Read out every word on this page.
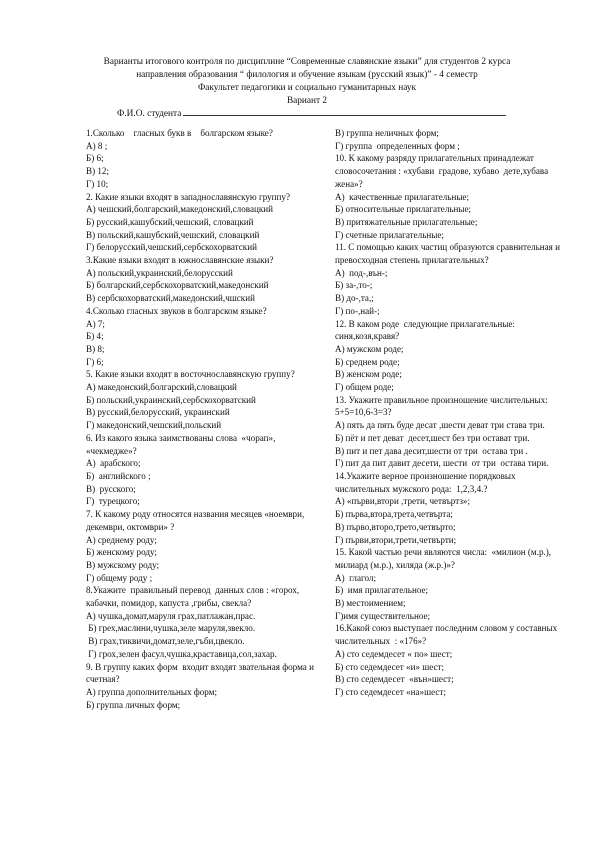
Варианты итогового контроля по дисциплине “Современные славянские языки” для студентов 2 курса
направления образования “ филология и обучение языкам (русский язык)” - 4 семестр
Факультет педагогики и социально гуманитарных наук
Вариант 2
Ф.И.О. студента
1.Сколько    гласных букв в    болгарском языке?
А) 8 ;
Б) 6;
В) 12;
Г) 10;
2. Какие языки входят в западнославянскую группу?
А) чешский,болгарский,македонский,словацкий
Б) русский,кашубский,чешский, словацкий
В) польский,кашубский,чешский, словацкий
Г) белорусский,чешский,сербскохорватский
3.Какие языки входят в южнославянские языки?
А) польский,украинский,белорусский
Б) болгарский,сербскохорватский,македонский
В) сербскохорватский,македонский,чшский
4.Сколько гласных звуков в болгарском языке?
А) 7;
Б) 4;
В) 8;
Г) 6;
5. Какие языки входят в восточнославянскую группу?
А) македонский,болгарский,словацкий
Б) польский,украинский,сербскохорватский
В) русский,белорусский, украинский
Г) македонский,чешский,польский
6. Из какого языка заимствованы слова  «чорап», «чекмедже»?
А)  арабского;
Б)  английского ;
В)  русского;
Г)  турецкого;
7. К какому роду относятся названия месяцев «ноември, декември, октомври» ?
А) среднему роду;
Б) женскому роду;
В) мужскому роду;
Г) общему роду ;
8.Укажите  правильный перевод  данных слов : «горох, кабачки, помидор, капуста ,грибы, свекла?
А) чушка,домат,маруля грах,патлажан,прас.
Б) грех,маслини,чушка,зеле маруля,звекло.
В) грах,тиквичи,домат,зеле,гъби,цвекло.
Г) грох,зелен фасул,чушка,краставица,сол,захар.
9. В группу каких форм  входит входят звательная форма и счетная?
А) группа дополнительных форм;
Б) группа личных форм;
В) группа неличных форм;
Г) группа  определенных форм ;
10. К какому разряду прилагательных принадлежат  словосочетания : «хубави  градове, хубаво  дете,хубава жена»?
А)  качественные прилагательные;
Б) относительные прилагательные;
В) притяжательные прилагательные;
Г) счетные прилагательные;
11. С помощью каких частиц образуются сравнительная и превосходная степень прилагательных?
А)  под-,вън-;
Б) за-,то-;
В) до-,та,;
Г) по-,най-;
12. В каком роде  следующие прилагательные: синя,козя,кравя?
А) мужском роде;
Б) среднем роде;
В) женском роде;
Г) общем роде;
13. Укажите правильное произношение числительных:  5+5=10,6-3=3?
А) пять да пять буде десат ,шести деват три става три.
Б) пёт и пет деват  десет,шест без три остават три.
В) пит и пет дава десит,шести от три  остава три .
Г) пит да пит давит десети, шести  от три  остава тири.
14.Укажите верное произношение порядковых числительных мужского рода:  1,2,3,4.?
А) «първи,втори ,трети, четвъртз»;
Б) първа,вторa,трета,четвърта;
В) първо,второ,трето,четвърто;
Г) първи,втори,трети,четвърти;
15. Какой частью речи являются числа:  «милион (м.р.), милиард (м.р.), хиляда (ж.р.)»?
А)  глагол;
Б)  имя прилагательное;
В) местоимением;
Г)имя существительное;
16.Какой союз выступает последним словом у составных числительных  : «176»?
А) сто седемдесет « по» шест;
Б) сто седемдесет «и» шест;
В) сто седемдесет  «вън»шест;
Г) сто седемдесет «на»шест;
